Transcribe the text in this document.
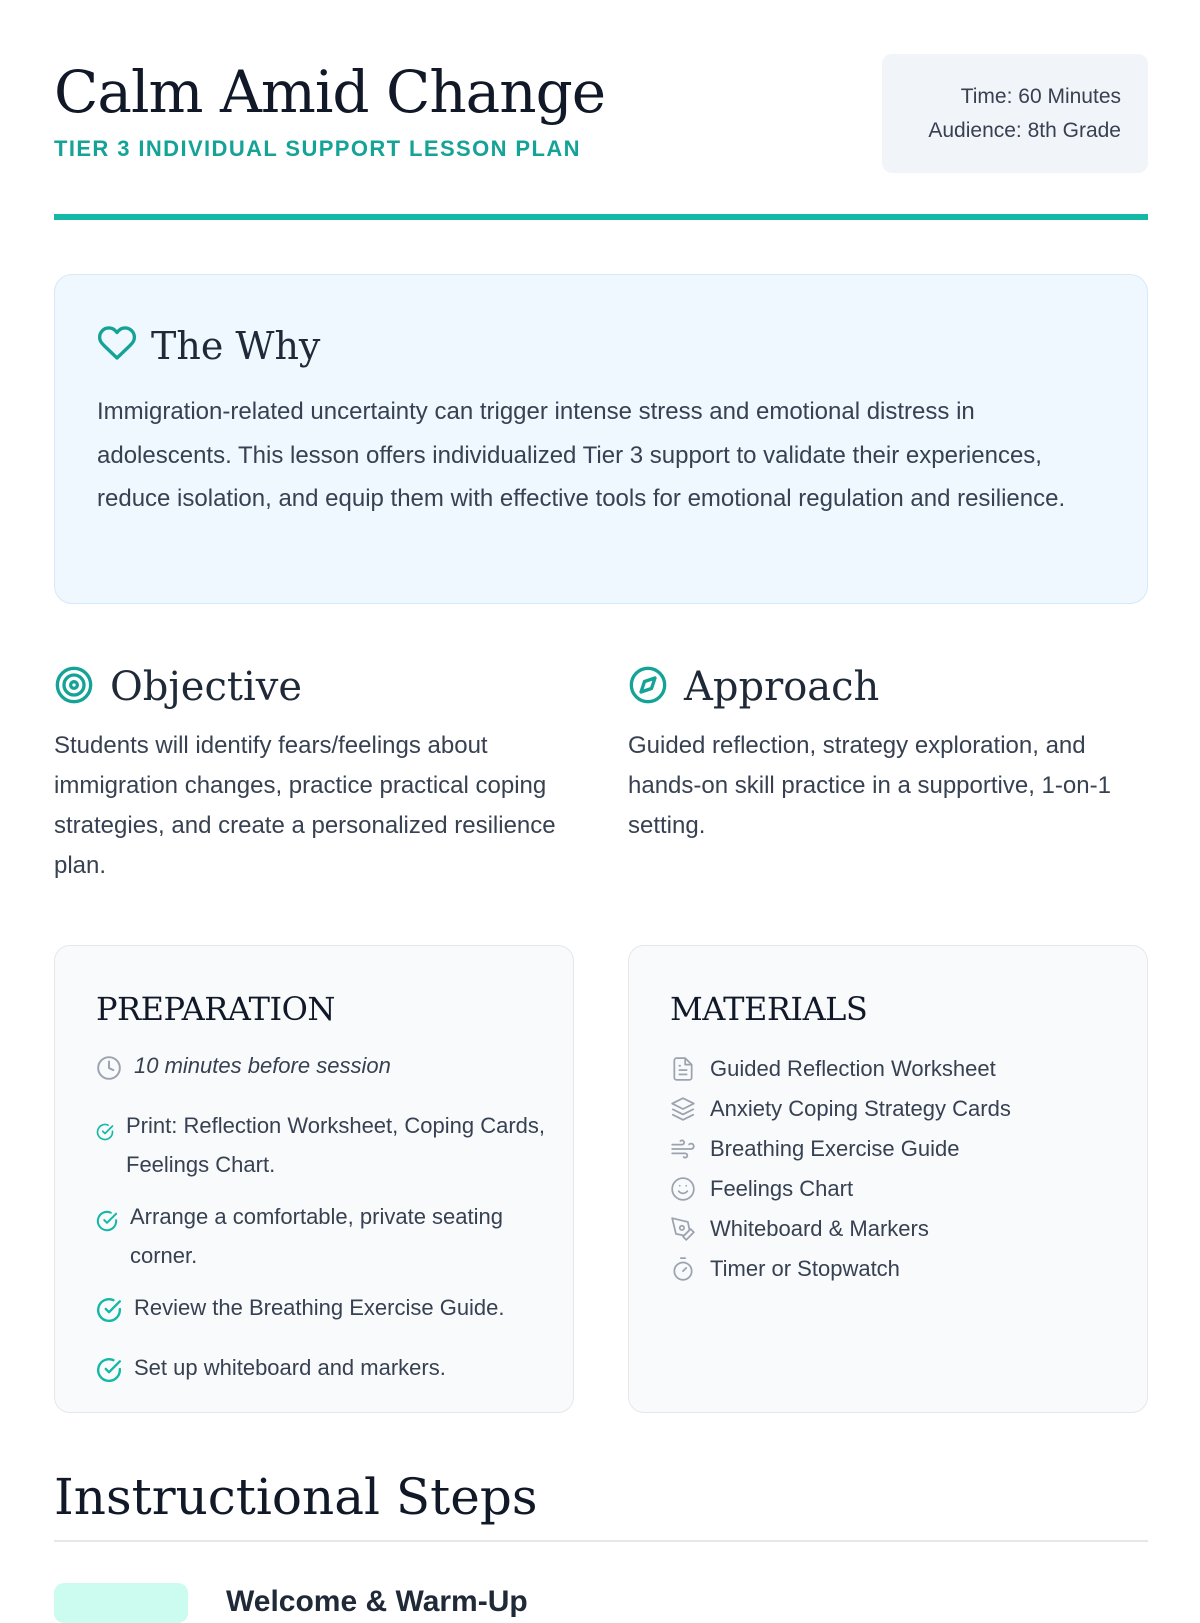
Calm Amid Change
TIER 3 INDIVIDUAL SUPPORT LESSON PLAN
Time: 60 Minutes
Audience: 8th Grade
The Why

Immigration-related uncertainty can trigger intense stress and emotional distress in adolescents. This lesson offers individualized Tier 3 support to validate their experiences, reduce isolation, and equip them with effective tools for emotional regulation and resilience.

Objective

Students will identify fears/feelings about immigration changes, practice practical coping strategies, and create a personalized resilience plan.

Approach

Guided reflection, strategy exploration, and hands-on skill practice in a supportive, 1-on-1 setting.

PREPARATION
10 minutes before session
Print: Reflection Worksheet, Coping Cards, Feelings Chart.
Arrange a comfortable, private seating corner.
Review the Breathing Exercise Guide.
Set up whiteboard and markers.
MATERIALS
Guided Reflection Worksheet
Anxiety Coping Strategy Cards
Breathing Exercise Guide
Feelings Chart
Whiteboard & Markers
Timer or Stopwatch
Instructional Steps
Welcome & Warm-Up
